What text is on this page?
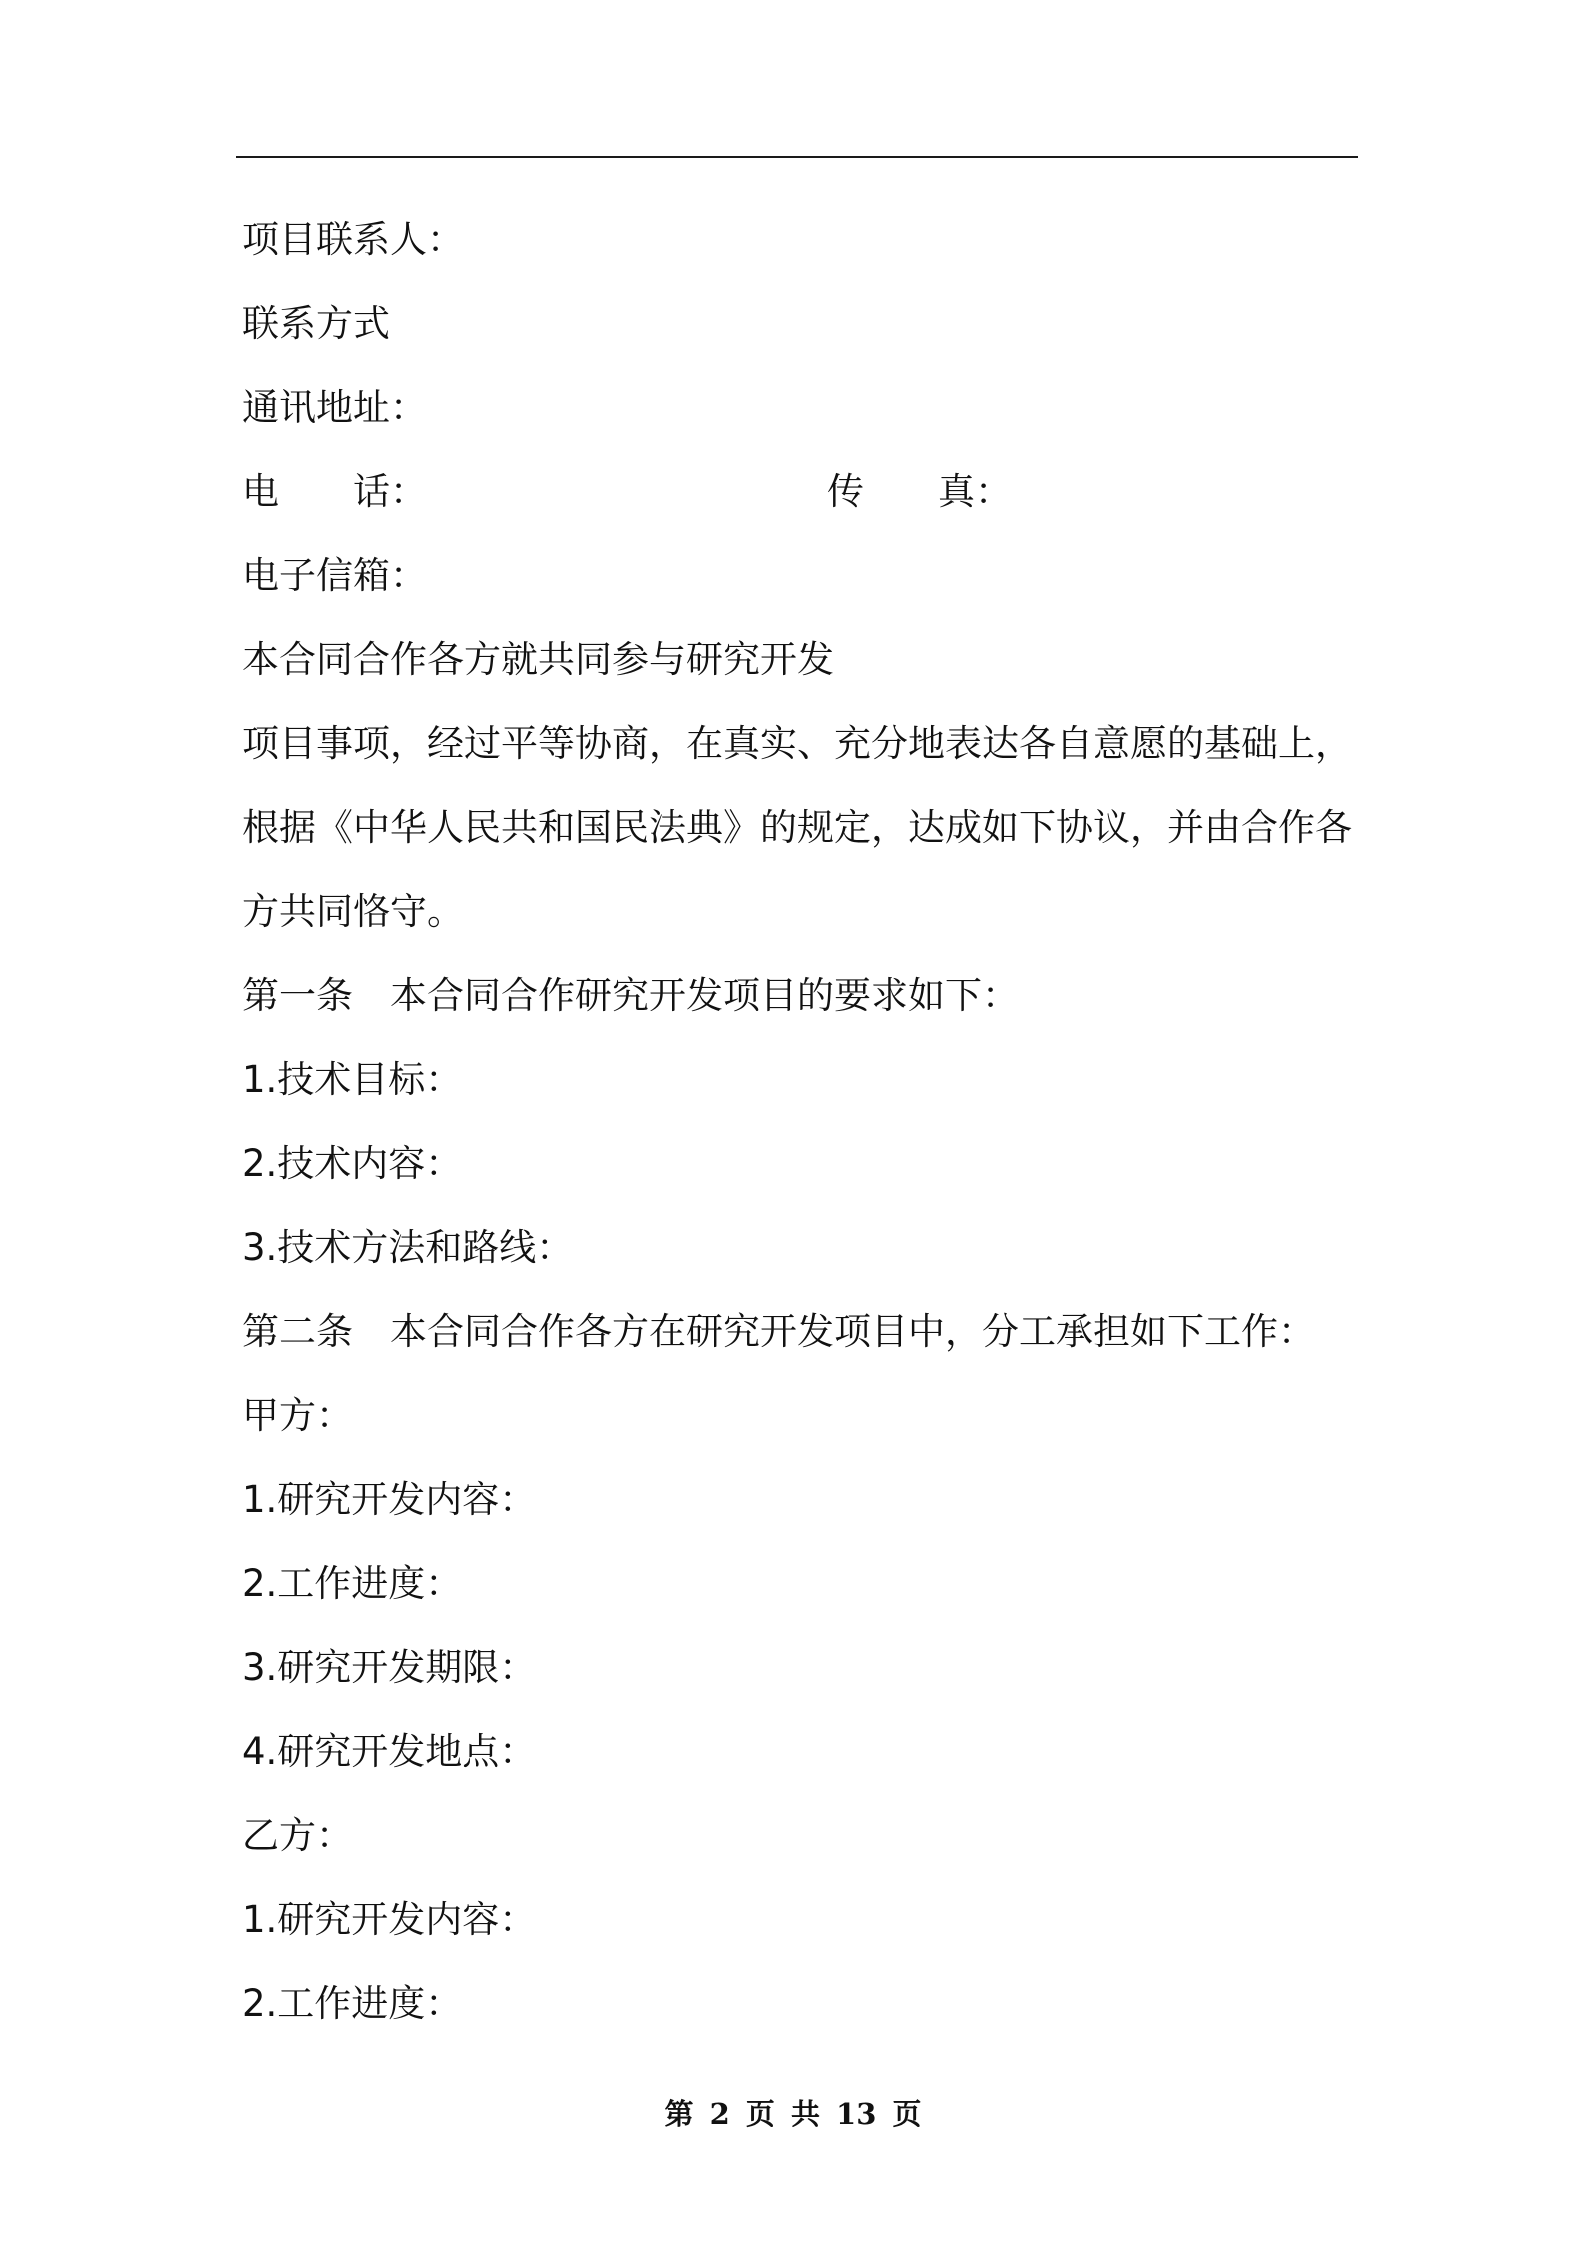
项目联系人：
联系方式
通讯地址：
电　　话：	传　　真：
电子信箱：
本合同合作各方就共同参与研究开发
项目事项，经过平等协商，在真实、充分地表达各自意愿的基础上，
根据《中华人民共和国民法典》的规定，达成如下协议，并由合作各
方共同恪守。
第一条　本合同合作研究开发项目的要求如下：
1.技术目标：
2.技术内容：
3.技术方法和路线：
第二条　本合同合作各方在研究开发项目中，分工承担如下工作：
甲方：
1.研究开发内容：
2.工作进度：
3.研究开发期限：
4.研究开发地点：
乙方：
1.研究开发内容：
2.工作进度：
第 2 页 共 13 页
